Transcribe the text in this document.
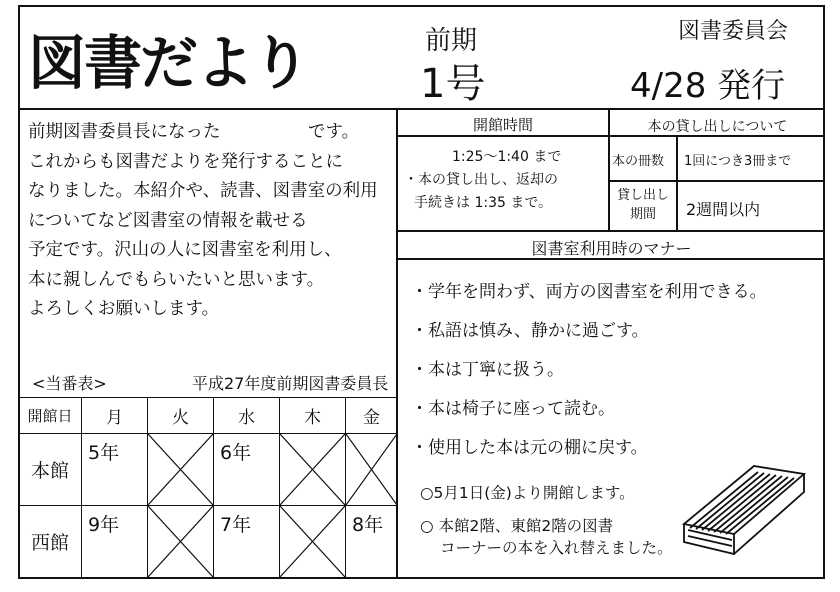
図書だより	前期
1号
図書委員会
4/28 発行
前期図書委員長になった　　　　　です。
これからも図書だよりを発行することに
なりました。本紹介や、読書、図書室の利用
についてなど図書室の情報を載せる
予定です。沢山の人に図書室を利用し、
本に親しんでもらいたいと思います。
よろしくお願いします。
<当番表>	平成27年度前期図書委員長
開館時間
1:25〜1:40 まで
・本の貸し出し、返却の
手続きは 1:35 まで。
本の貸し出しについて
本の冊数 1回につき3冊まで
貸し出し期間	2週間以内
図書室利用時のマナー
・学年を問わず、両方の図書室を利用できる。
・私語は慎み、静かに過ごす。
・本は丁寧に扱う。
・本は椅子に座って読む。
・使用した本は元の棚に戻す。
○5月1日(金)より開館します。
○ 本館2階、東館2階の図書
コーナーの本を入れ替えました。
開館日	月	火	水	木	金
本館	5年		6年

西館	9年		7年		8年
